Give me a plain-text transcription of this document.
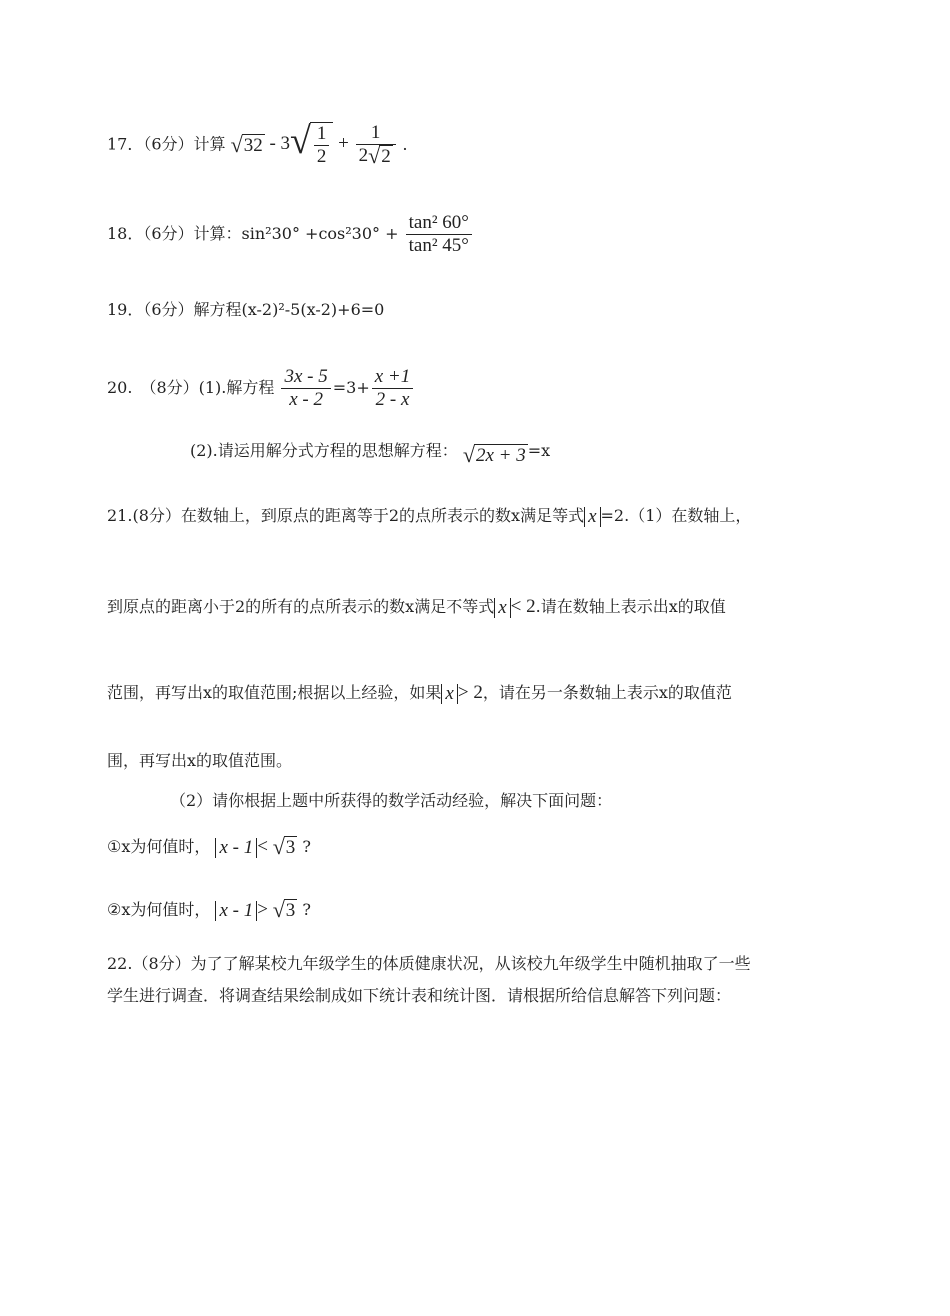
17．（6分）计算 √ 32 - 3 √ $\frac{1}{2} + \frac{1}{2 √ 2}$ ．
18．（6分）计算：$\sin^230^\circ +\cos^230^\circ + \frac{\text{tan² 60°}}{\text{tan² 45°}}$
19．（6分）解方程(x-2)²-5(x-2)+6=0
20.　（8分）(1).解方程 $\frac{3x - 5}{x - 2} =3+ \frac{x +1}{2 - x}$
(2).请运用解分式方程的思想解方程： √ 2x + 3 =x
21.(8分）在数轴上，到原点的距离等于2的点所表示的数x满足等式 x =2.（1）在数轴上，
到原点的距离小于2的所有的点所表示的数x满足不等式 x < 2.请在数轴上表示出x的取值
范围，再写出x的取值范围;根据以上经验，如果 x > 2，请在另一条数轴上表示x的取值范
围，再写出x的取值范围。
（2）请你根据上题中所获得的数学活动经验，解决下面问题：
①x为何值时， x - 1 < √ 3 ?
②x为何值时， x - 1 > √ 3 ?
22.（8分）为了了解某校九年级学生的体质健康状况，从该校九年级学生中随机抽取了一些
学生进行调查．将调查结果绘制成如下统计表和统计图．请根据所给信息解答下列问题：
